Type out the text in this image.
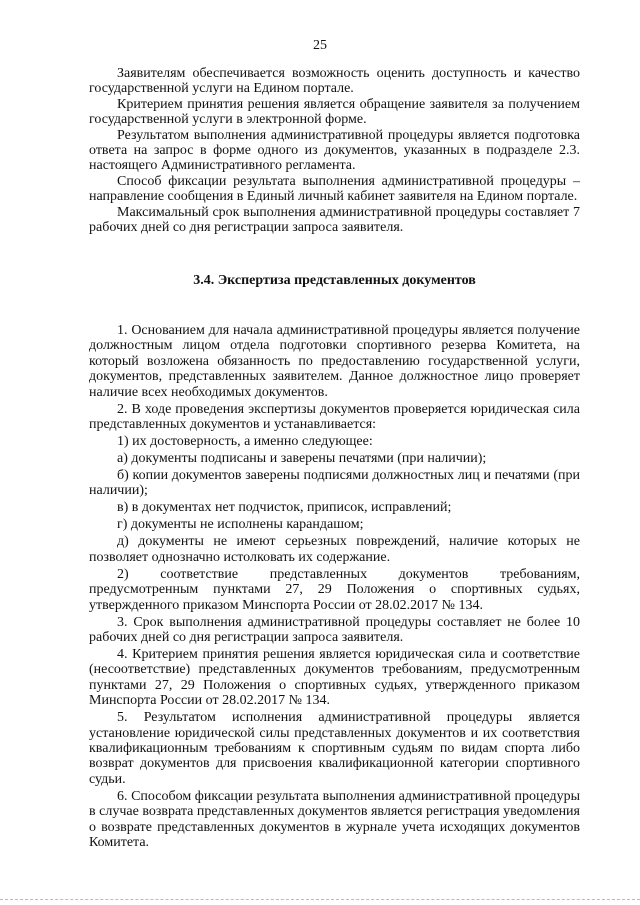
25

Заявителям обеспечивается возможность оценить доступность и качество государственной услуги на Едином портале.

Критерием принятия решения является обращение заявителя за получением государственной услуги в электронной форме.

Результатом выполнения административной процедуры является подготовка ответа на запрос в форме одного из документов, указанных в подразделе 2.3. настоящего Административного регламента.

Способ фиксации результата выполнения административной процедуры – направление сообщения в Единый личный кабинет заявителя на Едином портале.

Максимальный срок выполнения административной процедуры составляет 7 рабочих дней со дня регистрации запроса заявителя.

3.4. Экспертиза представленных документов

1. Основанием для начала административной процедуры является получение должностным лицом отдела подготовки спортивного резерва Комитета, на который возложена обязанность по предоставлению государственной услуги, документов, представленных заявителем. Данное должностное лицо проверяет наличие всех необходимых документов.

2. В ходе проведения экспертизы документов проверяется юридическая сила представленных документов и устанавливается:

1) их достоверность, а именно следующее:

а) документы подписаны и заверены печатями (при наличии);

б) копии документов заверены подписями должностных лиц и печатями (при наличии);

в) в документах нет подчисток, приписок, исправлений;

г) документы не исполнены карандашом;

д) документы не имеют серьезных повреждений, наличие которых не позволяет однозначно истолковать их содержание.

2) соответствие представленных документов требованиям, предусмотренным пунктами 27, 29 Положения о спортивных судьях, утвержденного приказом Минспорта России от 28.02.2017 № 134.

3. Срок выполнения административной процедуры составляет не более 10 рабочих дней со дня регистрации запроса заявителя.

4. Критерием принятия решения является юридическая сила и соответствие (несоответствие) представленных документов требованиям, предусмотренным пунктами 27, 29 Положения о спортивных судьях, утвержденного приказом Минспорта России от 28.02.2017 № 134.

5. Результатом исполнения административной процедуры является установление юридической силы представленных документов и их соответствия квалификационным требованиям к спортивным судьям по видам спорта либо возврат документов для присвоения квалификационной категории спортивного судьи.

6. Способом фиксации результата выполнения административной процедуры в случае возврата представленных документов является регистрация уведомления о возврате представленных документов в журнале учета исходящих документов Комитета.
